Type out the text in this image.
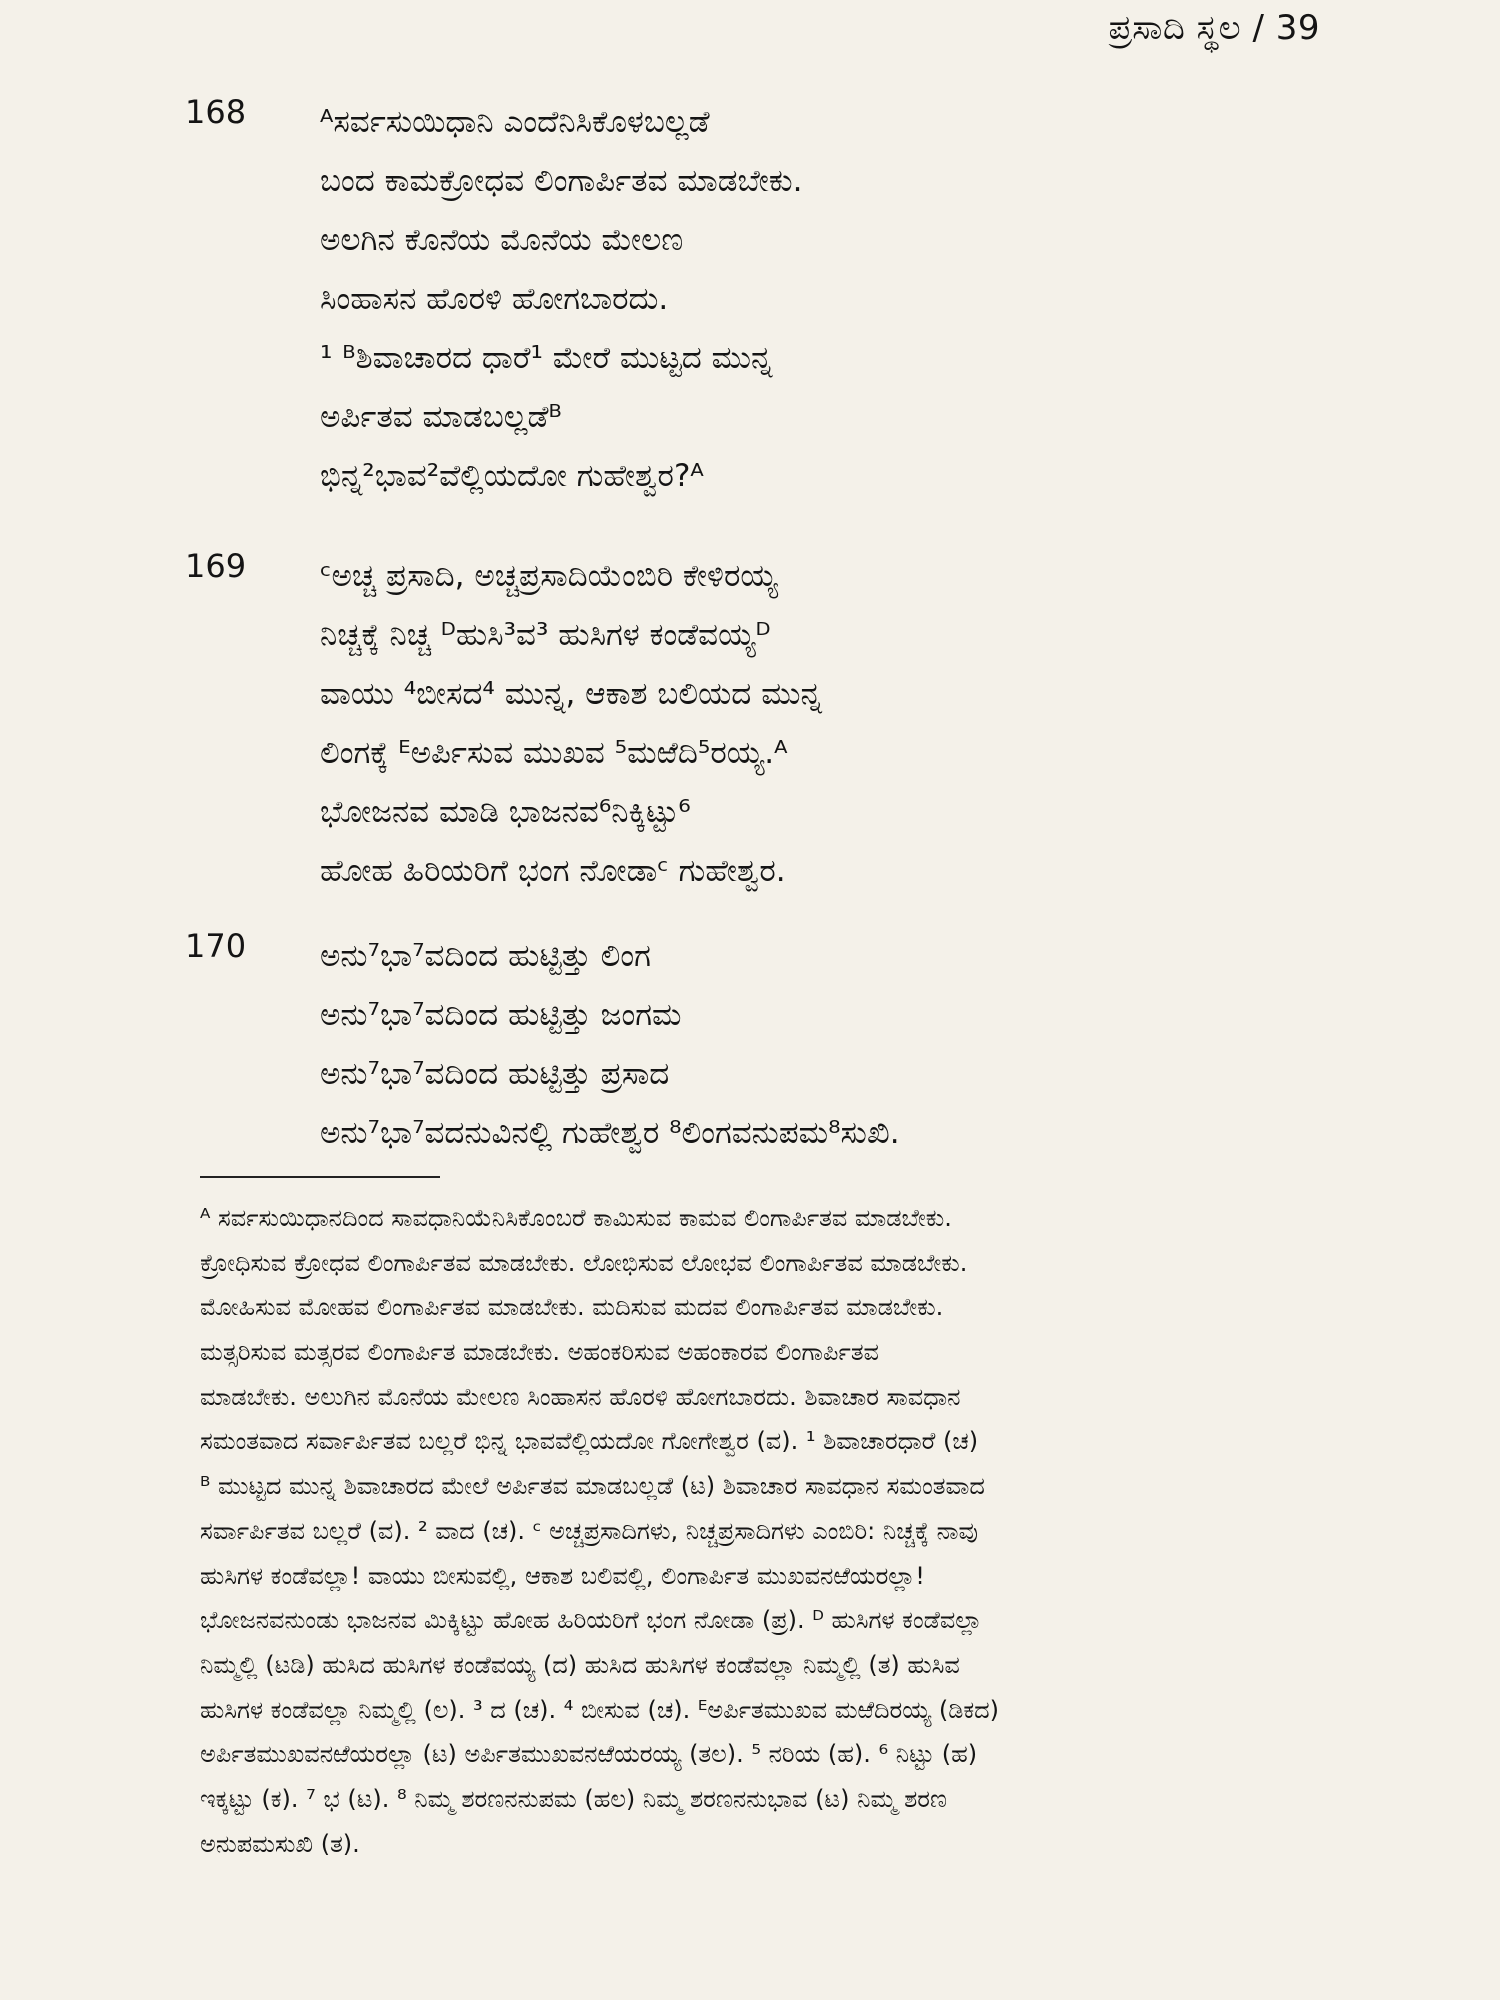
ಪ್ರಸಾದಿ ಸ್ಥಲ / 39
168 ᴬಸರ್ವಸುಯಿಧಾನಿ ಎಂದೆನಿಸಿಕೊಳಬಲ್ಲಡೆ
ಬಂದ ಕಾಮಕ್ರೋಧವ ಲಿಂಗಾರ್ಪಿತವ ಮಾಡಬೇಕು.
ಅಲಗಿನ ಕೊನೆಯ ಮೊನೆಯ ಮೇಲಣ
ಸಿಂಹಾಸನ ಹೊರಳಿ ಹೋಗಬಾರದು.
¹ ᴮಶಿವಾಚಾರದ ಧಾರೆ¹ ಮೇರೆ ಮುಟ್ಟದ ಮುನ್ನ
ಅರ್ಪಿತವ ಮಾಡಬಲ್ಲಡೆᴮ
ಭಿನ್ನ²ಭಾವ²ವೆಲ್ಲಿಯದೋ ಗುಹೇಶ್ವರ?ᴬ
169 ᶜಅಚ್ಚ ಪ್ರಸಾದಿ, ಅಚ್ಚಪ್ರಸಾದಿಯೆಂಬಿರಿ ಕೇಳಿರಯ್ಯ
ನಿಚ್ಚಕ್ಕೆ ನಿಚ್ಚ ᴰಹುಸಿ³ವ³ ಹುಸಿಗಳ ಕಂಡೆವಯ್ಯᴰ
ವಾಯು ⁴ಬೀಸದ⁴ ಮುನ್ನ, ಆಕಾಶ ಬಲಿಯದ ಮುನ್ನ
ಲಿಂಗಕ್ಕೆ ᴱಅರ್ಪಿಸುವ ಮುಖವ ⁵ಮಱೆದಿ⁵ರಯ್ಯ.ᴬ
ಭೋಜನವ ಮಾಡಿ ಭಾಜನವ⁶ನಿಕ್ಕಿಟ್ಟು⁶
ಹೋಹ ಹಿರಿಯರಿಗೆ ಭಂಗ ನೋಡಾᶜ ಗುಹೇಶ್ವರ.
170 ಅನು⁷ಭಾ⁷ವದಿಂದ ಹುಟ್ಟಿತ್ತು ಲಿಂಗ
ಅನು⁷ಭಾ⁷ವದಿಂದ ಹುಟ್ಟಿತ್ತು ಜಂಗಮ
ಅನು⁷ಭಾ⁷ವದಿಂದ ಹುಟ್ಟಿತ್ತು ಪ್ರಸಾದ
ಅನು⁷ಭಾ⁷ವದನುವಿನಲ್ಲಿ ಗುಹೇಶ್ವರ ⁸ಲಿಂಗವನುಪಮ⁸ಸುಖಿ.
ᴬ ಸರ್ವಸುಯಿಧಾನದಿಂದ ಸಾವಧಾನಿಯೆನಿಸಿಕೊಂಬರೆ ಕಾಮಿಸುವ ಕಾಮವ ಲಿಂಗಾರ್ಪಿತವ ಮಾಡಬೇಕು.
ಕ್ರೋಧಿಸುವ ಕ್ರೋಧವ ಲಿಂಗಾರ್ಪಿತವ ಮಾಡಬೇಕು. ಲೋಭಿಸುವ ಲೋಭವ ಲಿಂಗಾರ್ಪಿತವ ಮಾಡಬೇಕು.
ಮೋಹಿಸುವ ಮೋಹವ ಲಿಂಗಾರ್ಪಿತವ ಮಾಡಬೇಕು. ಮದಿಸುವ ಮದವ ಲಿಂಗಾರ್ಪಿತವ ಮಾಡಬೇಕು.
ಮತ್ಸರಿಸುವ ಮತ್ಸರವ ಲಿಂಗಾರ್ಪಿತ ಮಾಡಬೇಕು. ಅಹಂಕರಿಸುವ ಅಹಂಕಾರವ ಲಿಂಗಾರ್ಪಿತವ
ಮಾಡಬೇಕು. ಅಲುಗಿನ ಮೊನೆಯ ಮೇಲಣ ಸಿಂಹಾಸನ ಹೊರಳಿ ಹೋಗಬಾರದು. ಶಿವಾಚಾರ ಸಾವಧಾನ
ಸಮಂತವಾದ ಸರ್ವಾರ್ಪಿತವ ಬಲ್ಲರೆ ಭಿನ್ನ ಭಾವವೆಲ್ಲಿಯದೋ ಗೋಗೇಶ್ವರ (ವ). ¹ ಶಿವಾಚಾರಧಾರೆ (ಚ)
ᴮ ಮುಟ್ಟದ ಮುನ್ನ ಶಿವಾಚಾರದ ಮೇಲೆ ಅರ್ಪಿತವ ಮಾಡಬಲ್ಲಡೆ (ಟ) ಶಿವಾಚಾರ ಸಾವಧಾನ ಸಮಂತವಾದ
ಸರ್ವಾರ್ಪಿತವ ಬಲ್ಲರೆ (ವ). ² ವಾದ (ಚ). ᶜ ಅಚ್ಚಪ್ರಸಾದಿಗಳು, ನಿಚ್ಚಪ್ರಸಾದಿಗಳು ಎಂಬಿರಿ: ನಿಚ್ಚಕ್ಕೆ ನಾವು
ಹುಸಿಗಳ ಕಂಡೆವಲ್ಲಾ! ವಾಯು ಬೀಸುವಲ್ಲಿ, ಆಕಾಶ ಬಲಿವಲ್ಲಿ, ಲಿಂಗಾರ್ಪಿತ ಮುಖವನಱೆಯರಲ್ಲಾ!
ಭೋಜನವನುಂಡು ಭಾಜನವ ಮಿಕ್ಕಿಟ್ಟು ಹೋಹ ಹಿರಿಯರಿಗೆ ಭಂಗ ನೋಡಾ (ಪ್ರ). ᴰ ಹುಸಿಗಳ ಕಂಡೆವಲ್ಲಾ
ನಿಮ್ಮಲ್ಲಿ (ಟಡಿ) ಹುಸಿದ ಹುಸಿಗಳ ಕಂಡೆವಯ್ಯ (ದ) ಹುಸಿದ ಹುಸಿಗಳ ಕಂಡೆವಲ್ಲಾ ನಿಮ್ಮಲ್ಲಿ (ತ) ಹುಸಿವ
ಹುಸಿಗಳ ಕಂಡೆವಲ್ಲಾ ನಿಮ್ಮಲ್ಲಿ (ಲ). ³ ದ (ಚ). ⁴ ಬೀಸುವ (ಚ). ᴱಅರ್ಪಿತಮುಖವ ಮಱೆದಿರಯ್ಯ (ಡಿಕದ)
ಅರ್ಪಿತಮುಖವನಱೆಯರಲ್ಲಾ (ಟ) ಅರ್ಪಿತಮುಖವನಱೆಯರಯ್ಯ (ತಲ). ⁵ ನರಿಯ (ಹ). ⁶ ನಿಟ್ಟು (ಹ)
ಇಕ್ಕಟ್ಟು (ಕ). ⁷ ಭ (ಟ). ⁸ ನಿಮ್ಮ ಶರಣನನುಪಮ (ಹಲ) ನಿಮ್ಮ ಶರಣನನುಭಾವ (ಟ) ನಿಮ್ಮ ಶರಣ
ಅನುಪಮಸುಖಿ (ತ).
